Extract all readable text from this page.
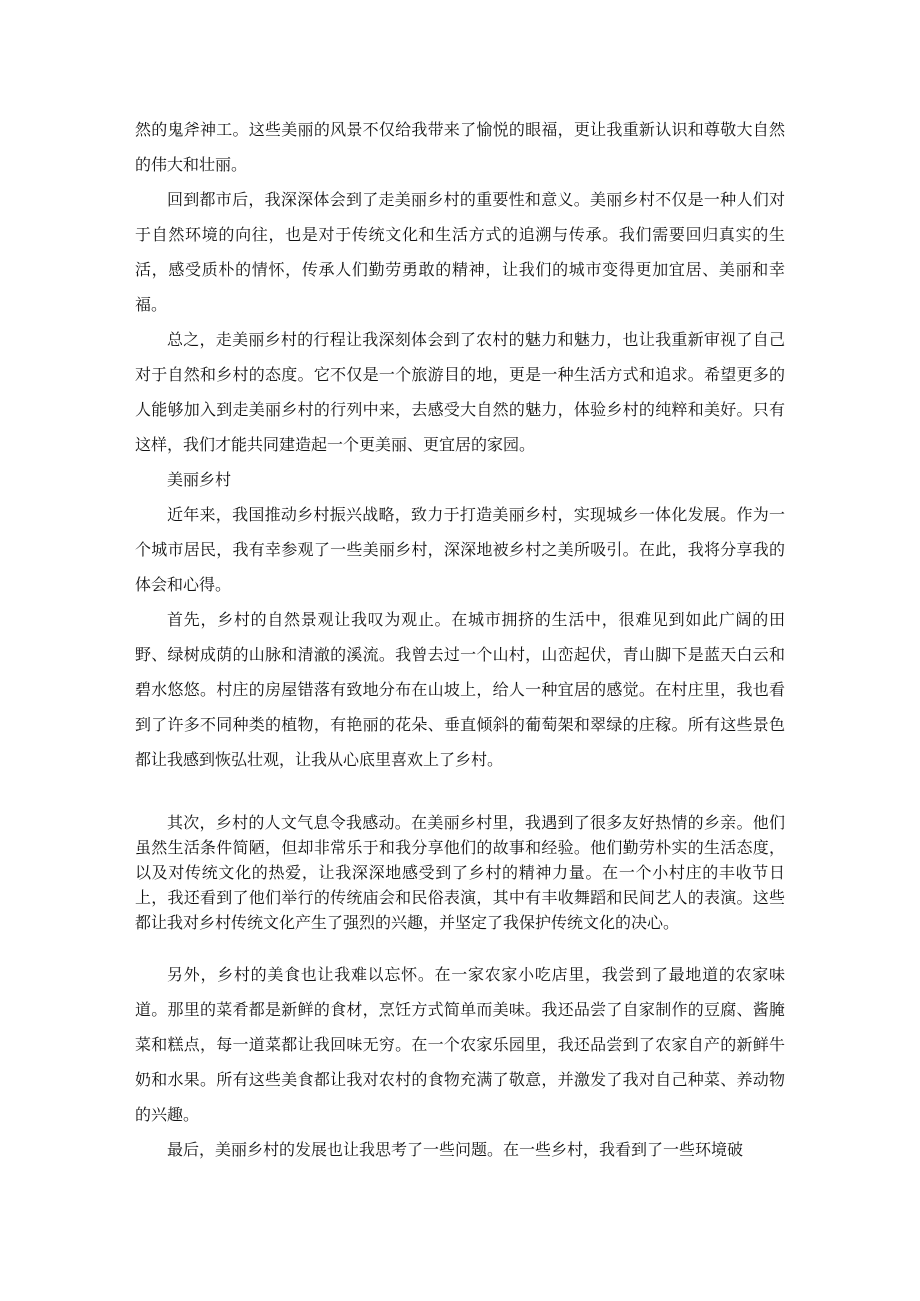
然的鬼斧神工。这些美丽的风景不仅给我带来了愉悦的眼福，更让我重新认识和尊敬大自然的伟大和壮丽。

回到都市后，我深深体会到了走美丽乡村的重要性和意义。美丽乡村不仅是一种人们对于自然环境的向往，也是对于传统文化和生活方式的追溯与传承。我们需要回归真实的生活，感受质朴的情怀，传承人们勤劳勇敢的精神，让我们的城市变得更加宜居、美丽和幸福。

总之，走美丽乡村的行程让我深刻体会到了农村的魅力和魅力，也让我重新审视了自己对于自然和乡村的态度。它不仅是一个旅游目的地，更是一种生活方式和追求。希望更多的人能够加入到走美丽乡村的行列中来，去感受大自然的魅力，体验乡村的纯粹和美好。只有这样，我们才能共同建造起一个更美丽、更宜居的家园。

美丽乡村

近年来，我国推动乡村振兴战略，致力于打造美丽乡村，实现城乡一体化发展。作为一个城市居民，我有幸参观了一些美丽乡村，深深地被乡村之美所吸引。在此，我将分享我的体会和心得。

首先，乡村的自然景观让我叹为观止。在城市拥挤的生活中，很难见到如此广阔的田野、绿树成荫的山脉和清澈的溪流。我曾去过一个山村，山峦起伏，青山脚下是蓝天白云和碧水悠悠。村庄的房屋错落有致地分布在山坡上，给人一种宜居的感觉。在村庄里，我也看到了许多不同种类的植物，有艳丽的花朵、垂直倾斜的葡萄架和翠绿的庄稼。所有这些景色都让我感到恢弘壮观，让我从心底里喜欢上了乡村。

其次，乡村的人文气息令我感动。在美丽乡村里，我遇到了很多友好热情的乡亲。他们虽然生活条件简陋，但却非常乐于和我分享他们的故事和经验。他们勤劳朴实的生活态度，以及对传统文化的热爱，让我深深地感受到了乡村的精神力量。在一个小村庄的丰收节日上，我还看到了他们举行的传统庙会和民俗表演，其中有丰收舞蹈和民间艺人的表演。这些都让我对乡村传统文化产生了强烈的兴趣，并坚定了我保护传统文化的决心。

另外，乡村的美食也让我难以忘怀。在一家农家小吃店里，我尝到了最地道的农家味道。那里的菜肴都是新鲜的食材，烹饪方式简单而美味。我还品尝了自家制作的豆腐、酱腌菜和糕点，每一道菜都让我回味无穷。在一个农家乐园里，我还品尝到了农家自产的新鲜牛奶和水果。所有这些美食都让我对农村的食物充满了敬意，并激发了我对自己种菜、养动物的兴趣。

最后，美丽乡村的发展也让我思考了一些问题。在一些乡村，我看到了一些环境破
